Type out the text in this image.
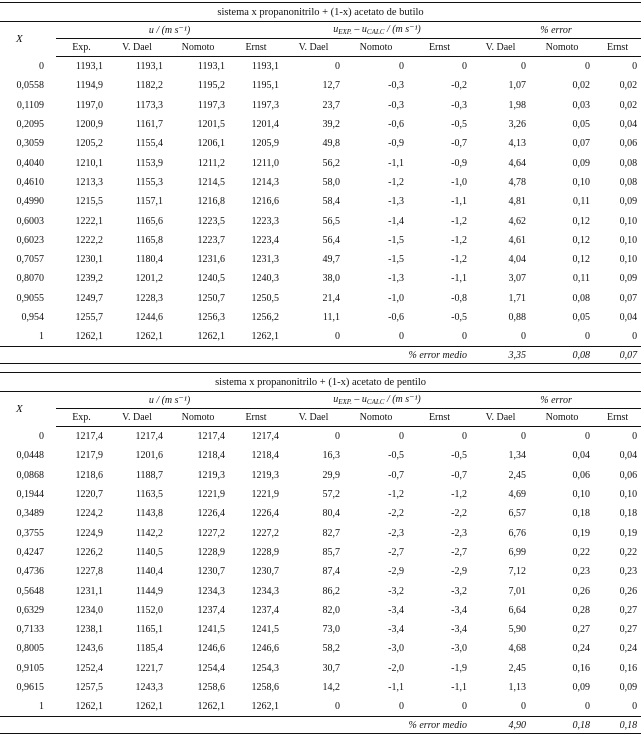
sistema x propanonitrilo + (1-x) acetato de butilo										
X	u / (m s⁻¹)				$u_{EXP.} - u_{CALC} / (m$ s⁻¹)			% error		
	Exp.	V. Dael	Nomoto	Ernst	V. Dael	Nomoto	Ernst	V. Dael	Nomoto	Ernst
0	1193,1	1193,1	1193,1	1193,1	0	0	0	0	0	0
0,0558	1194,9	1182,2	1195,2	1195,1	12,7	-0,3	-0,2	1,07	0,02	0,02
0,1109	1197,0	1173,3	1197,3	1197,3	23,7	-0,3	-0,3	1,98	0,03	0,02
0,2095	1200,9	1161,7	1201,5	1201,4	39,2	-0,6	-0,5	3,26	0,05	0,04
0,3059	1205,2	1155,4	1206,1	1205,9	49,8	-0,9	-0,7	4,13	0,07	0,06
0,4040	1210,1	1153,9	1211,2	1211,0	56,2	-1,1	-0,9	4,64	0,09	0,08
0,4610	1213,3	1155,3	1214,5	1214,3	58,0	-1,2	-1,0	4,78	0,10	0,08
0,4990	1215,5	1157,1	1216,8	1216,6	58,4	-1,3	-1,1	4,81	0,11	0,09
0,6003	1222,1	1165,6	1223,5	1223,3	56,5	-1,4	-1,2	4,62	0,12	0,10
0,6023	1222,2	1165,8	1223,7	1223,4	56,4	-1,5	-1,2	4,61	0,12	0,10
0,7057	1230,1	1180,4	1231,6	1231,3	49,7	-1,5	-1,2	4,04	0,12	0,10
0,8070	1239,2	1201,2	1240,5	1240,3	38,0	-1,3	-1,1	3,07	0,11	0,09
0,9055	1249,7	1228,3	1250,7	1250,5	21,4	-1,0	-0,8	1,71	0,08	0,07
0,954	1255,7	1244,6	1256,3	1256,2	11,1	-0,6	-0,5	0,88	0,05	0,04
1	1262,1	1262,1	1262,1	1262,1	0	0	0	0	0	0
% error medio								3,35	0,08	0,07
sistema x propanonitrilo + (1-x) acetato de pentilo										
X	u / (m s⁻¹)				$u_{EXP.} - u_{CALC} / (m$ s⁻¹)			% error		
	Exp.	V. Dael	Nomoto	Ernst	V. Dael	Nomoto	Ernst	V. Dael	Nomoto	Ernst
0	1217,4	1217,4	1217,4	1217,4	0	0	0	0	0	0
0,0448	1217,9	1201,6	1218,4	1218,4	16,3	-0,5	-0,5	1,34	0,04	0,04
0,0868	1218,6	1188,7	1219,3	1219,3	29,9	-0,7	-0,7	2,45	0,06	0,06
0,1944	1220,7	1163,5	1221,9	1221,9	57,2	-1,2	-1,2	4,69	0,10	0,10
0,3489	1224,2	1143,8	1226,4	1226,4	80,4	-2,2	-2,2	6,57	0,18	0,18
0,3755	1224,9	1142,2	1227,2	1227,2	82,7	-2,3	-2,3	6,76	0,19	0,19
0,4247	1226,2	1140,5	1228,9	1228,9	85,7	-2,7	-2,7	6,99	0,22	0,22
0,4736	1227,8	1140,4	1230,7	1230,7	87,4	-2,9	-2,9	7,12	0,23	0,23
0,5648	1231,1	1144,9	1234,3	1234,3	86,2	-3,2	-3,2	7,01	0,26	0,26
0,6329	1234,0	1152,0	1237,4	1237,4	82,0	-3,4	-3,4	6,64	0,28	0,27
0,7133	1238,1	1165,1	1241,5	1241,5	73,0	-3,4	-3,4	5,90	0,27	0,27
0,8005	1243,6	1185,4	1246,6	1246,6	58,2	-3,0	-3,0	4,68	0,24	0,24
0,9105	1252,4	1221,7	1254,4	1254,3	30,7	-2,0	-1,9	2,45	0,16	0,16
0,9615	1257,5	1243,3	1258,6	1258,6	14,2	-1,1	-1,1	1,13	0,09	0,09
1	1262,1	1262,1	1262,1	1262,1	0	0	0	0	0	0
% error medio								4,90	0,18	0,18
